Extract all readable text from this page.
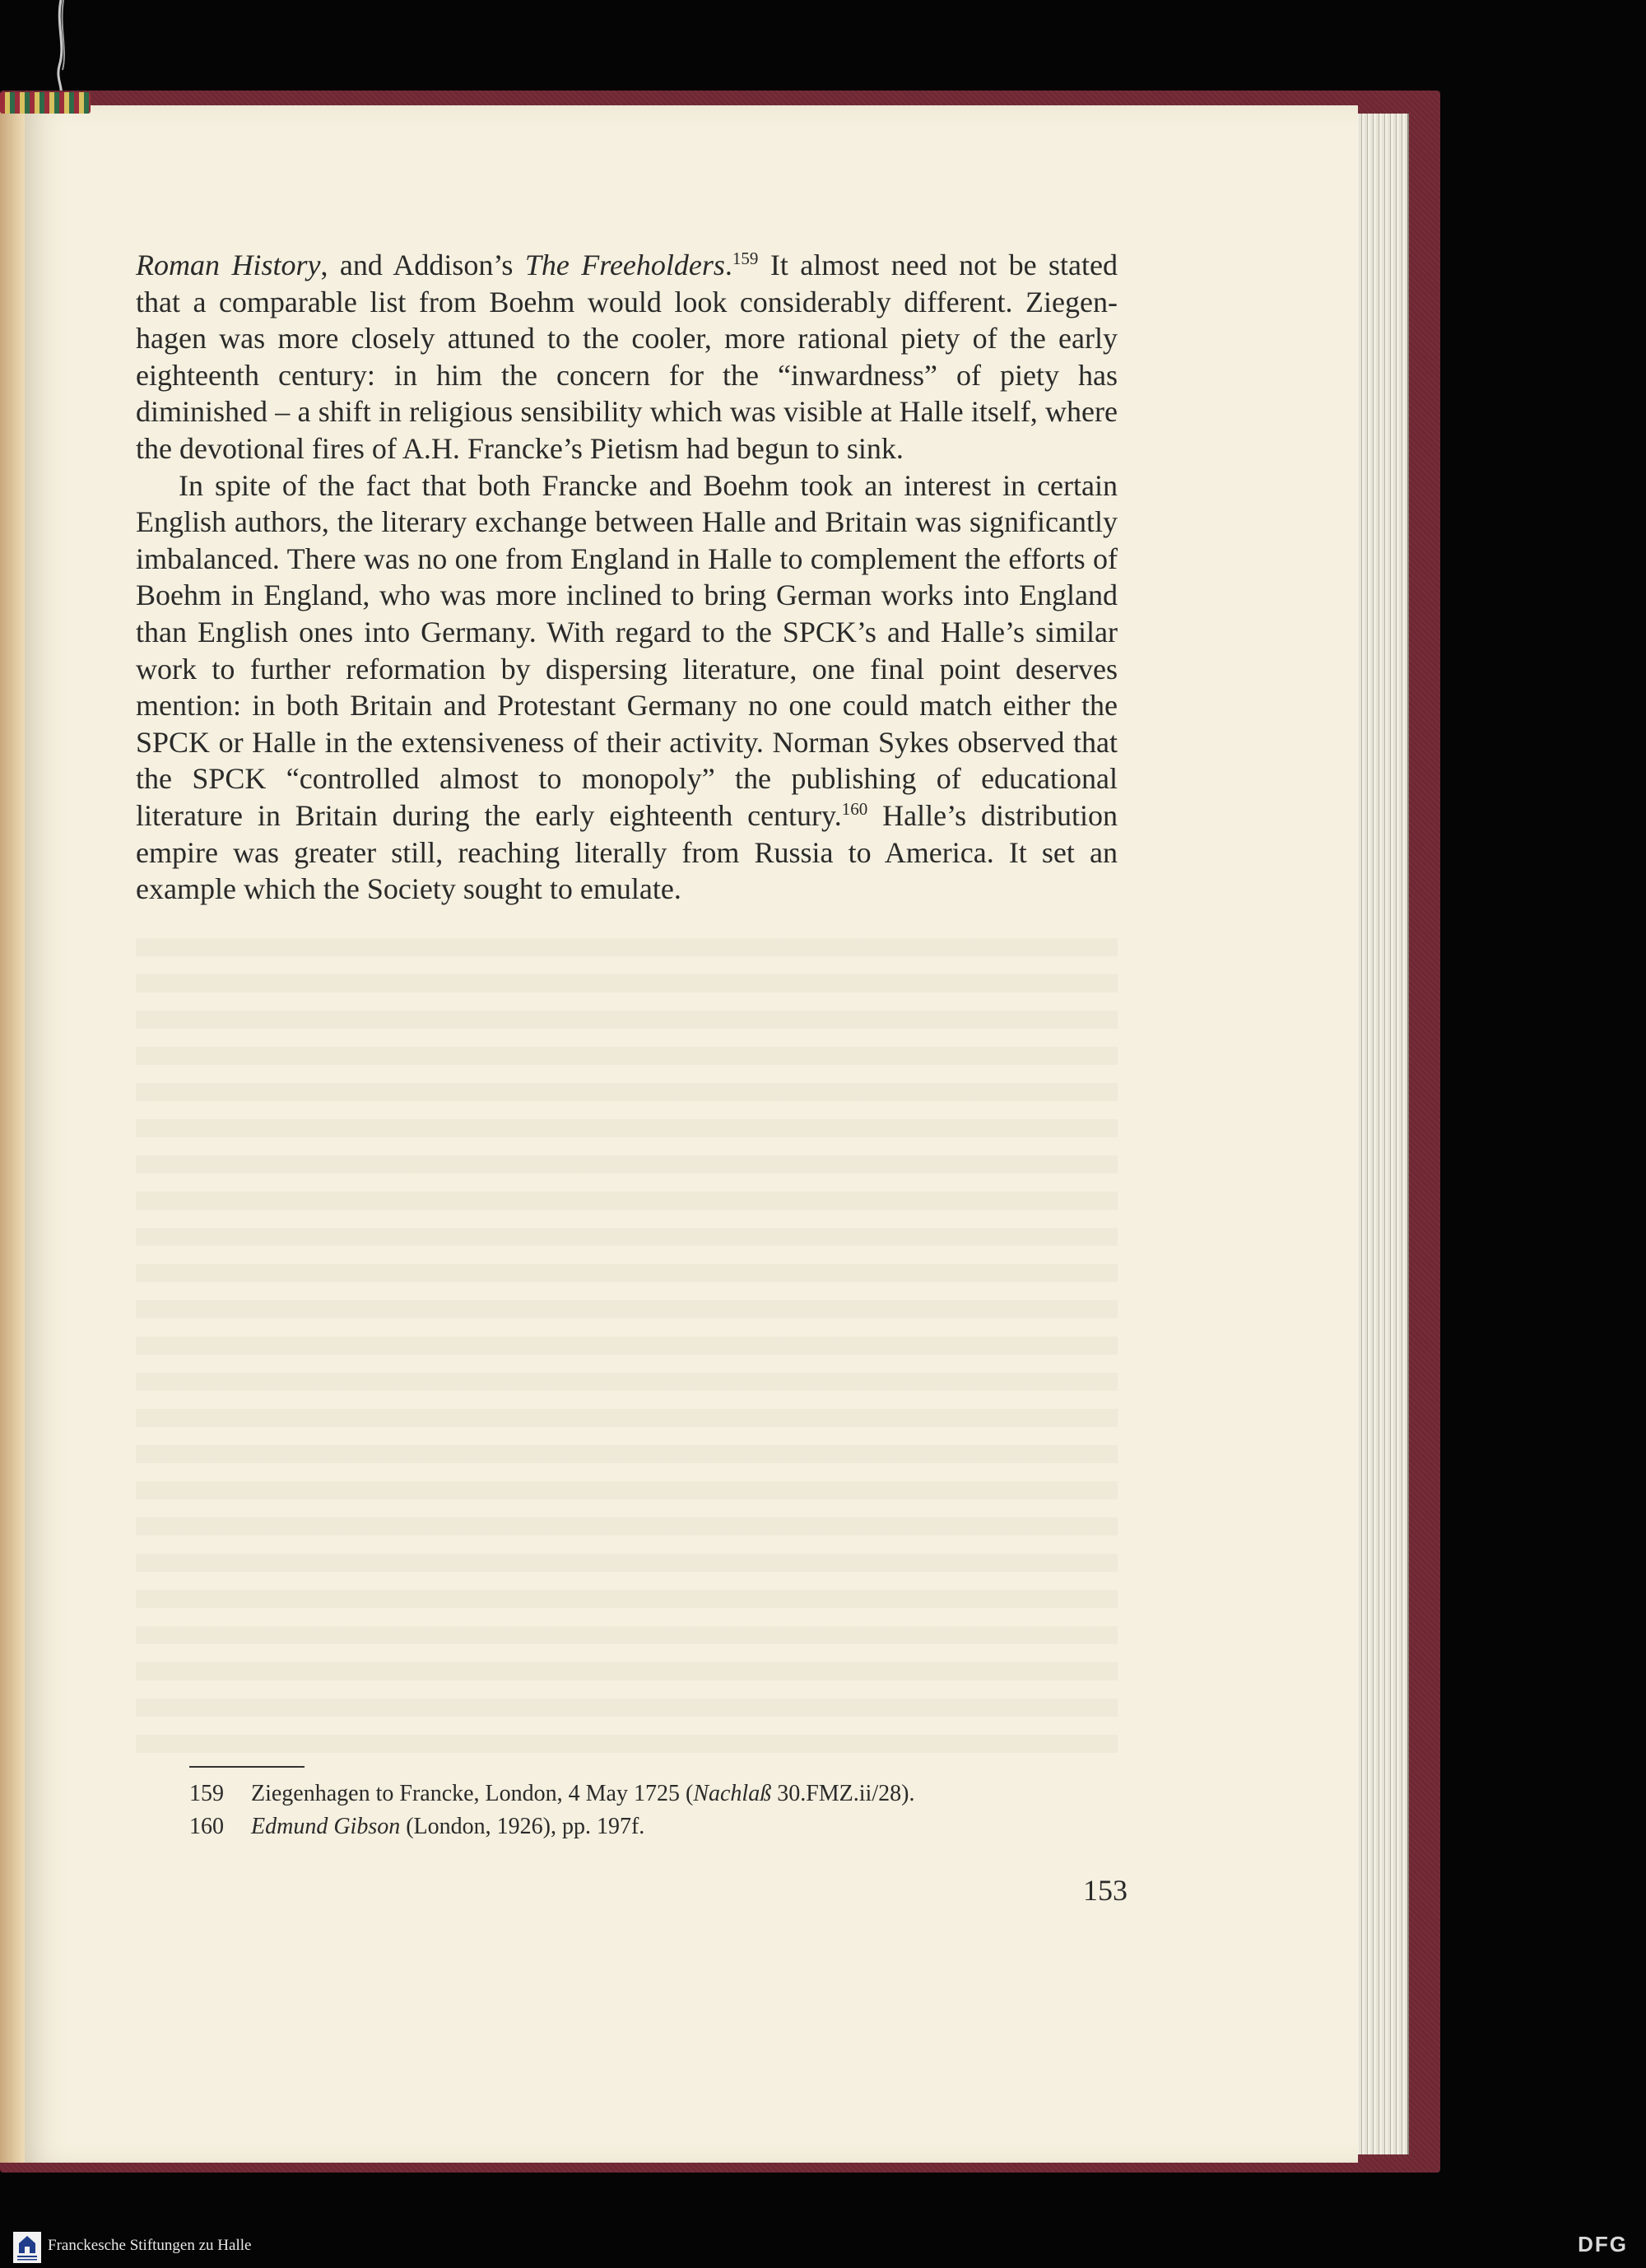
Roman History, and Addison’s The Freeholders.$^{159}$ It almost need not be stated that a comparable list from Boehm would look considerably different. Ziegenhagen was more closely attuned to the cooler, more rational piety of the early eighteenth century: in him the concern for the “inwardness” of piety has diminished – a shift in religious sensibility which was visible at Halle itself, where the devotional fires of A.H. Francke’s Pietism had begun to sink.

In spite of the fact that both Francke and Boehm took an interest in certain English authors, the literary exchange between Halle and Britain was significantly imbalanced. There was no one from England in Halle to complement the efforts of Boehm in England, who was more inclined to bring German works into England than English ones into Germany. With regard to the SPCK’s and Halle’s similar work to further reformation by dispersing literature, one final point deserves mention: in both Britain and Protestant Germany no one could match either the SPCK or Halle in the extensiveness of their activity. Norman Sykes observed that the SPCK “controlled almost to monopoly” the publishing of educational literature in Britain during the early eighteenth century.$^{160}$ Halle’s distribution empire was greater still, reaching literally from Russia to America. It set an example which the Society sought to emulate.

159	Ziegenhagen to Francke, London, 4 May 1725 (Nachlaß 30.FMZ.ii/28).
160	Edmund Gibson (London, 1926), pp. 197f.
153
Franckesche Stiftungen zu Halle	DFG
